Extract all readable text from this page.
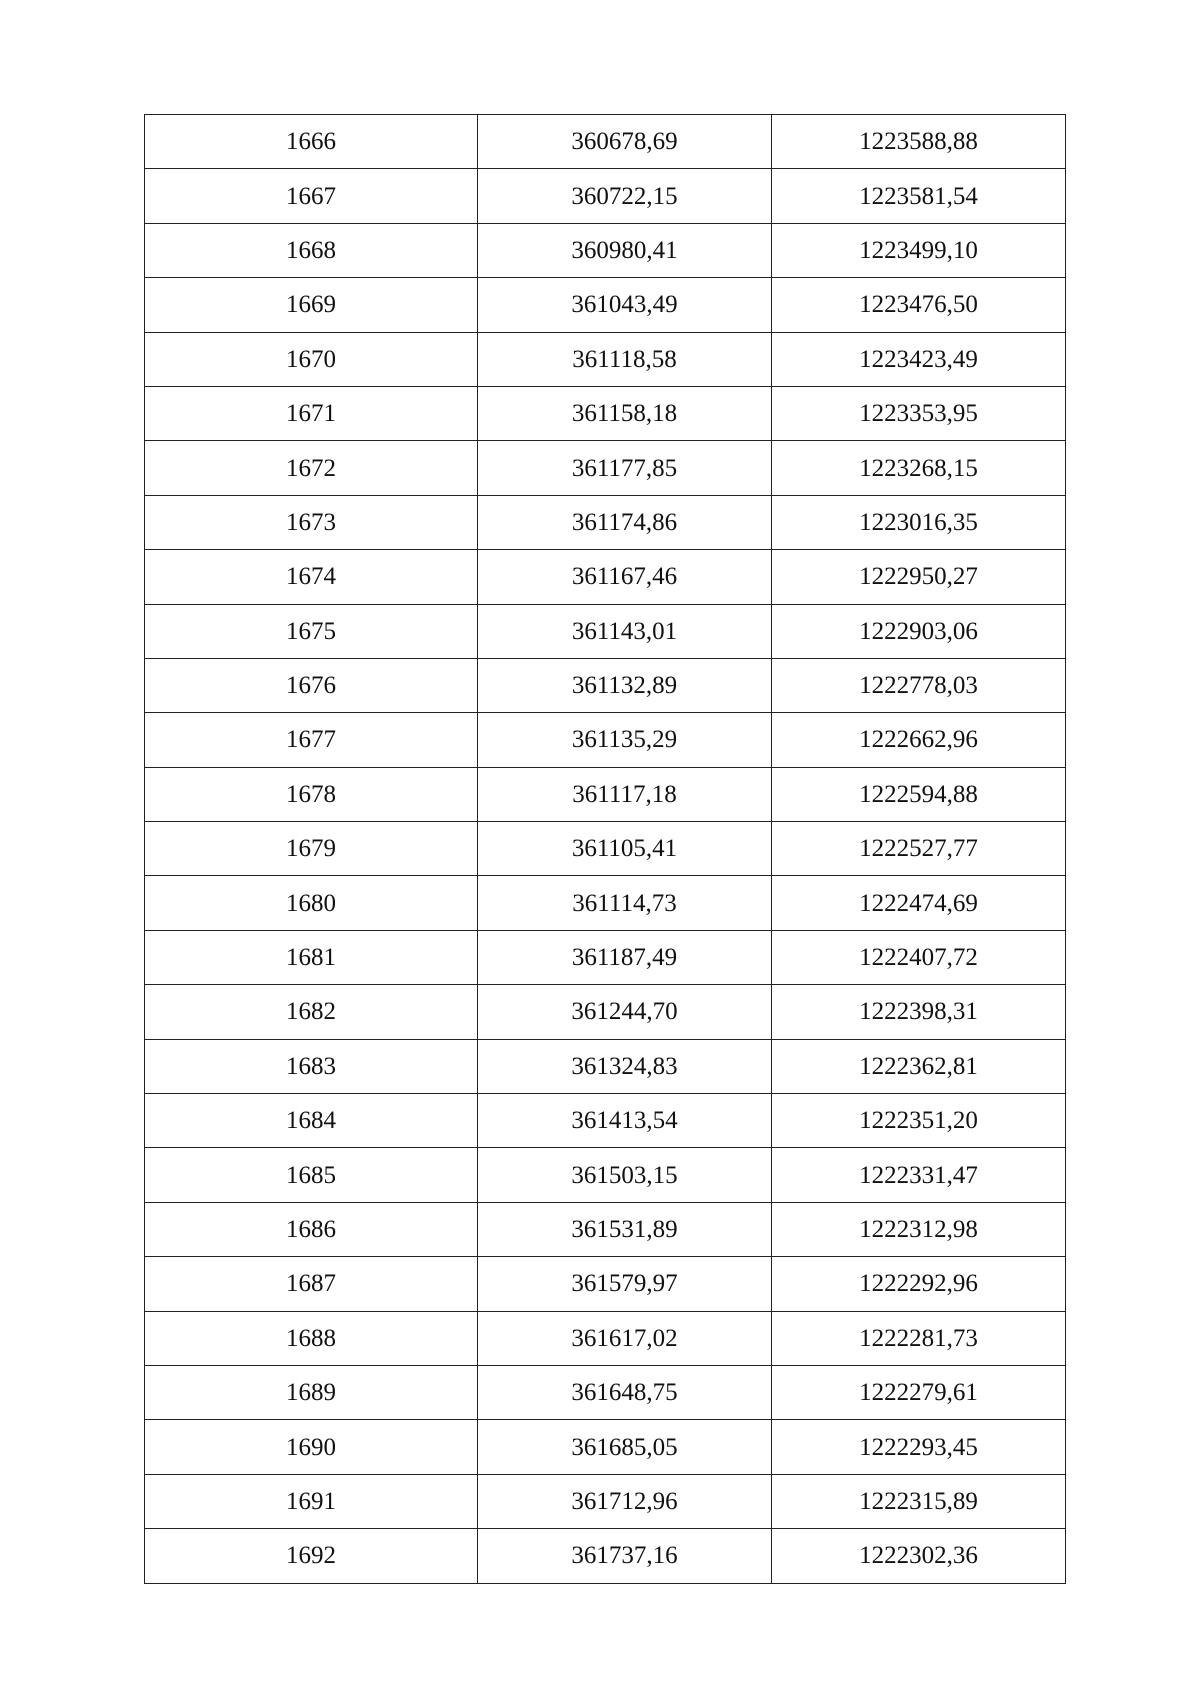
1666	360678,69	1223588,88
1667	360722,15	1223581,54
1668	360980,41	1223499,10
1669	361043,49	1223476,50
1670	361118,58	1223423,49
1671	361158,18	1223353,95
1672	361177,85	1223268,15
1673	361174,86	1223016,35
1674	361167,46	1222950,27
1675	361143,01	1222903,06
1676	361132,89	1222778,03
1677	361135,29	1222662,96
1678	361117,18	1222594,88
1679	361105,41	1222527,77
1680	361114,73	1222474,69
1681	361187,49	1222407,72
1682	361244,70	1222398,31
1683	361324,83	1222362,81
1684	361413,54	1222351,20
1685	361503,15	1222331,47
1686	361531,89	1222312,98
1687	361579,97	1222292,96
1688	361617,02	1222281,73
1689	361648,75	1222279,61
1690	361685,05	1222293,45
1691	361712,96	1222315,89
1692	361737,16	1222302,36
